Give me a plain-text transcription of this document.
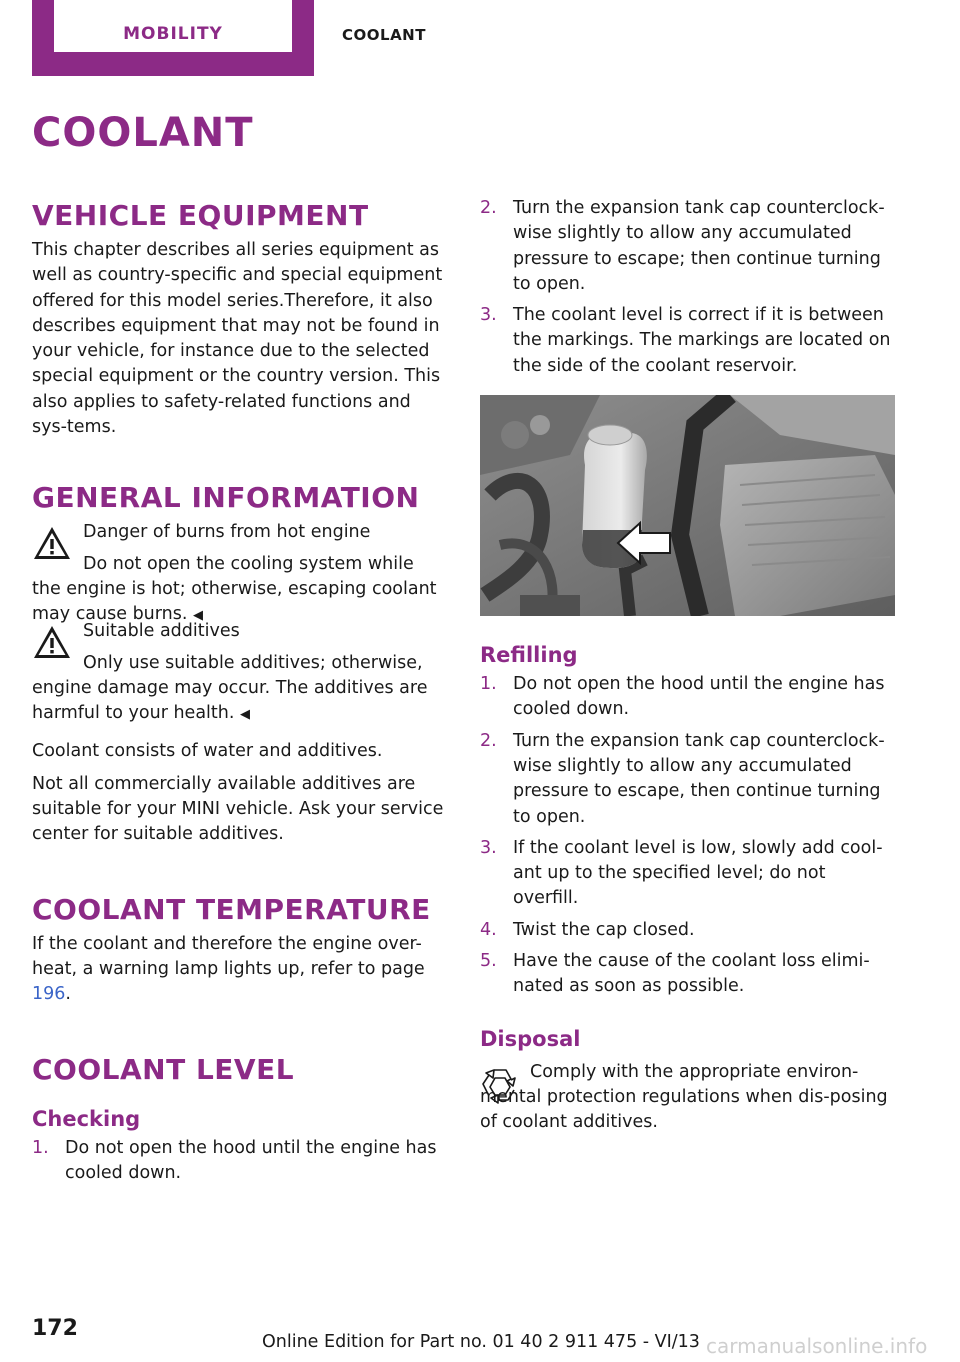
MOBILITY	COOLANT
COOLANT
VEHICLE EQUIPMENT

This chapter describes all series equipment as well as country-specific and special equipment offered for this model series.Therefore, it also describes equipment that may not be found in your vehicle, for instance due to the selected special equipment or the country version. This also applies to safety-related functions and sys-tems.

GENERAL INFORMATION

Danger of burns from hot engine

Do not open the cooling system while the engine is hot; otherwise, escaping coolant may cause burns. ◀

Suitable additives

Only use suitable additives; otherwise, engine damage may occur. The additives are harmful to your health. ◀

Coolant consists of water and additives.

Not all commercially available additives are suitable for your MINI vehicle. Ask your service center for suitable additives.

COOLANT TEMPERATURE

If the coolant and therefore the engine over-heat, a warning lamp lights up, refer to page 196.

COOLANT LEVEL
Checking
1. Do not open the hood until the engine has cooled down.
2. Turn the expansion tank cap counterclock-wise slightly to allow any accumulated pressure to escape; then continue turning to open.
3. The coolant level is correct if it is between the markings. The markings are located on the side of the coolant reservoir.
Refilling
1. Do not open the hood until the engine has cooled down.
2. Turn the expansion tank cap counterclock-wise slightly to allow any accumulated pressure to escape, then continue turning to open.
3. If the coolant level is low, slowly add cool-ant up to the specified level; do not overfill.
4. Twist the cap closed.
5. Have the cause of the coolant loss elimi-nated as soon as possible.
Disposal

Comply with the appropriate environ-mental protection regulations when dis-posing of coolant additives.

172
Online Edition for Part no. 01 40 2 911 475 - VI/13 carmanualsonline.info
